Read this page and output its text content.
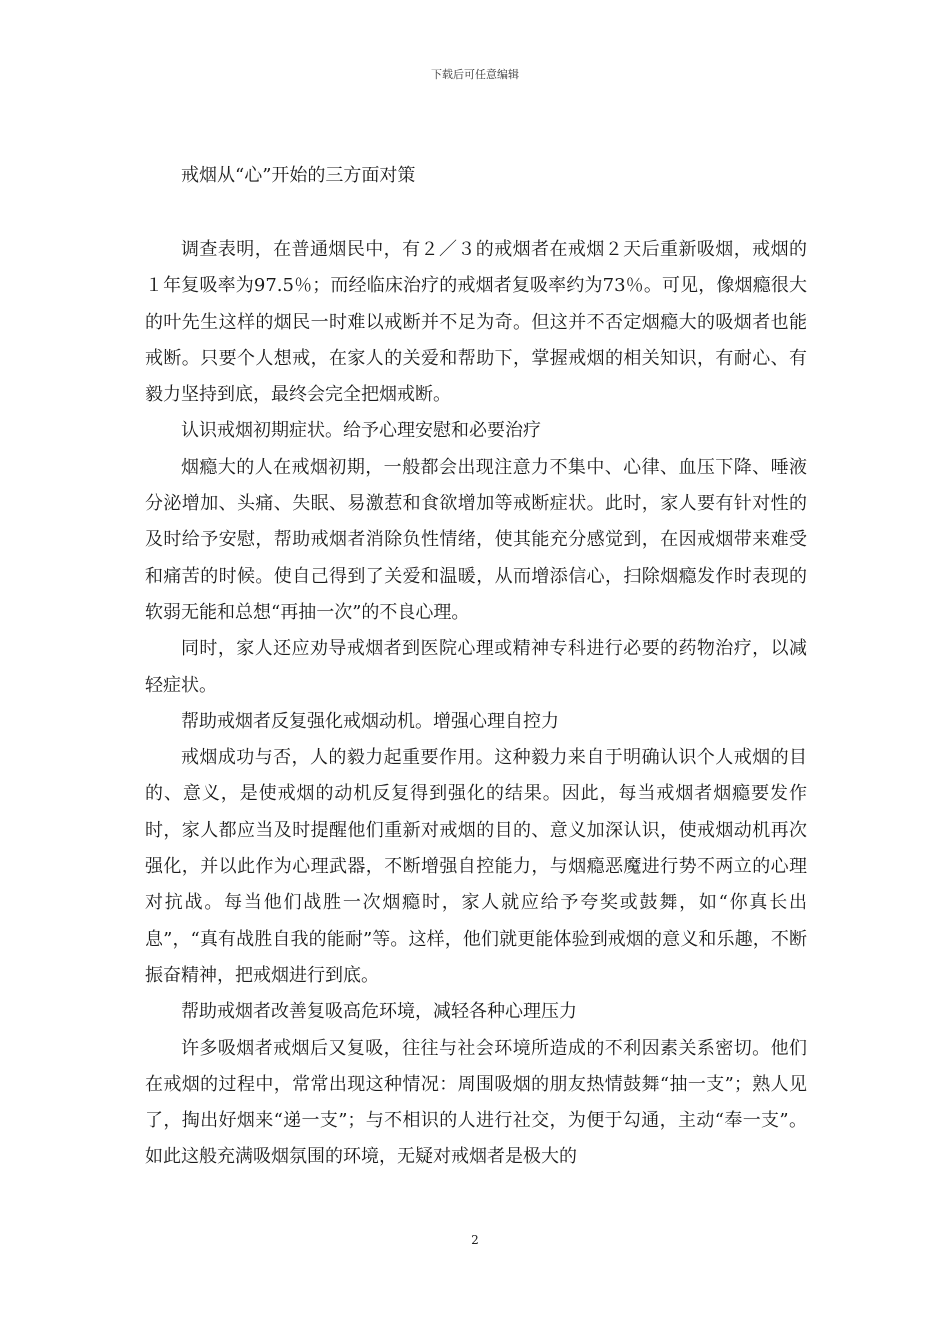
下载后可任意编辑
戒烟从“心”开始的三方面对策

调查表明，在普通烟民中，有２／３的戒烟者在戒烟２天后重新吸烟，戒烟的１年复吸率为97.5％；而经临床治疗的戒烟者复吸率约为73％。可见，像烟瘾很大的叶先生这样的烟民一时难以戒断并不足为奇。但这并不否定烟瘾大的吸烟者也能戒断。只要个人想戒，在家人的关爱和帮助下，掌握戒烟的相关知识，有耐心、有毅力坚持到底，最终会完全把烟戒断。

认识戒烟初期症状。给予心理安慰和必要治疗

烟瘾大的人在戒烟初期，一般都会出现注意力不集中、心律、血压下降、唾液分泌增加、头痛、失眠、易激惹和食欲增加等戒断症状。此时，家人要有针对性的及时给予安慰，帮助戒烟者消除负性情绪，使其能充分感觉到，在因戒烟带来难受和痛苦的时候。使自己得到了关爱和温暖，从而增添信心，扫除烟瘾发作时表现的软弱无能和总想“再抽一次”的不良心理。

同时，家人还应劝导戒烟者到医院心理或精神专科进行必要的药物治疗，以减轻症状。

帮助戒烟者反复强化戒烟动机。增强心理自控力

戒烟成功与否，人的毅力起重要作用。这种毅力来自于明确认识个人戒烟的目的、意义，是使戒烟的动机反复得到强化的结果。因此，每当戒烟者烟瘾要发作时，家人都应当及时提醒他们重新对戒烟的目的、意义加深认识，使戒烟动机再次强化，并以此作为心理武器，不断增强自控能力，与烟瘾恶魔进行势不两立的心理对抗战。每当他们战胜一次烟瘾时，家人就应给予夸奖或鼓舞，如“你真长出息”，“真有战胜自我的能耐”等。这样，他们就更能体验到戒烟的意义和乐趣，不断振奋精神，把戒烟进行到底。

帮助戒烟者改善复吸高危环境，减轻各种心理压力

许多吸烟者戒烟后又复吸，往往与社会环境所造成的不利因素关系密切。他们在戒烟的过程中，常常出现这种情况：周围吸烟的朋友热情鼓舞“抽一支”；熟人见了，掏出好烟来“递一支”；与不相识的人进行社交，为便于勾通，主动“奉一支”。如此这般充满吸烟氛围的环境，无疑对戒烟者是极大的

2
